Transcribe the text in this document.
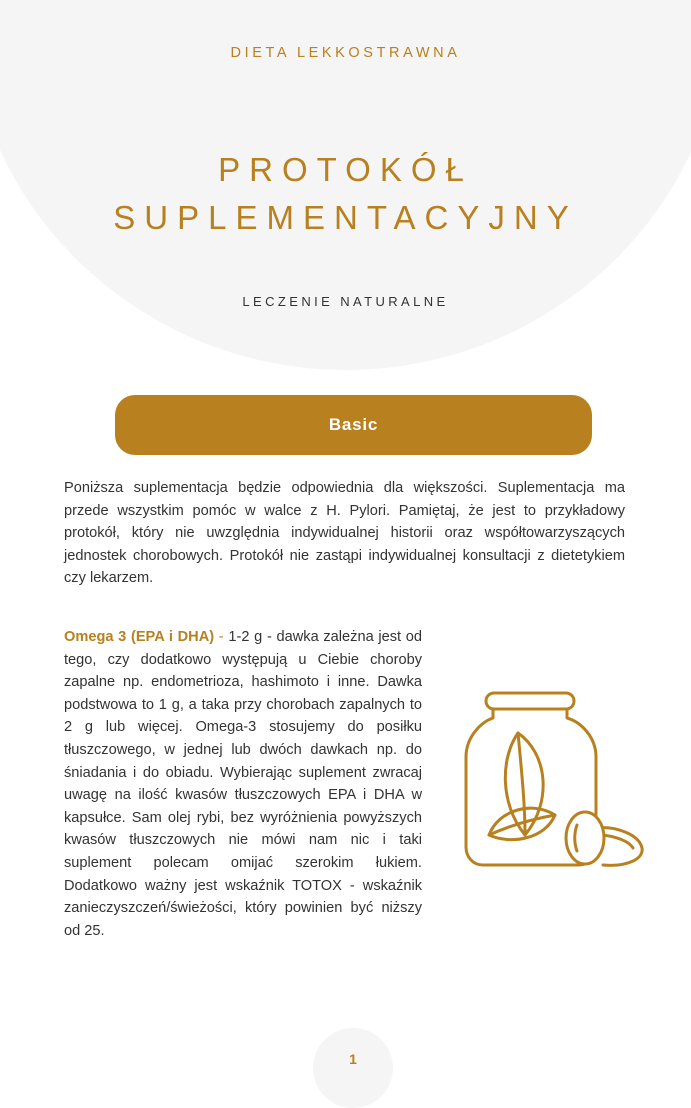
DIETA LEKKOSTRAWNA
PROTOKÓŁ
SUPLEMENTACYJNY
LECZENIE NATURALNE
Basic

Poniższa suplementacja będzie odpowiednia dla większości. Suplementacja ma przede wszystkim pomóc w walce z H. Pylori. Pamiętaj, że jest to przykładowy protokół, który nie uwzględnia indywidualnej historii oraz współtowarzyszących jednostek chorobowych. Protokół nie zastąpi indywidualnej konsultacji z dietetykiem czy lekarzem.

Omega 3 (EPA i DHA) - 1-2 g - dawka zależna jest od tego, czy dodatkowo występują u Ciebie choroby zapalne np. endometrioza, hashimoto i inne. Dawka podstwowa to 1 g, a taka przy chorobach zapalnych to 2 g lub więcej. Omega-3 stosujemy do posiłku tłuszczowego, w jednej lub dwóch dawkach np. do śniadania i do obiadu. Wybierając suplement zwracaj uwagę na ilość kwasów tłuszczowych EPA i DHA w kapsułce. Sam olej rybi, bez wyróżnienia powyższych kwasów tłuszczowych nie mówi nam nic i taki suplement polecam omijać szerokim łukiem. Dodatkowo ważny jest wskaźnik TOTOX - wskaźnik zanieczyszczeń/świeżości, który powinien być niższy od 25.

1
